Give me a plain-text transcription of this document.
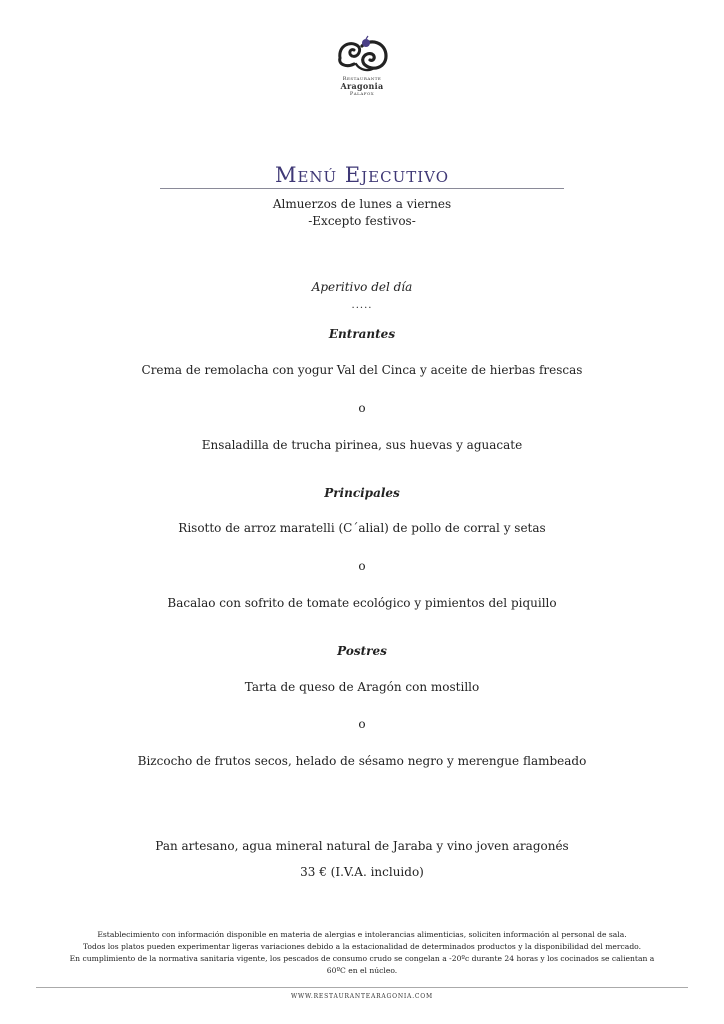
Restaurante
Aragonia
Palafox
Menú Ejecutivo
Almuerzos de lunes a viernes
-Excepto festivos-
Aperitivo del día
.....
Entrantes
Crema de remolacha con yogur Val del Cinca y aceite de hierbas frescas
o
Ensaladilla de trucha pirinea, sus huevas y aguacate
Principales
Risotto de arroz maratelli (C´alial) de pollo de corral y setas
o
Bacalao con sofrito de tomate ecológico y pimientos del piquillo
Postres
Tarta de queso de Aragón con mostillo
o
Bizcocho de frutos secos, helado de sésamo negro y merengue flambeado
Pan artesano, agua mineral natural de Jaraba y vino joven aragonés
33 € (I.V.A. incluido)
Establecimiento con información disponible en materia de alergias e intolerancias alimenticias, soliciten información al personal de sala.
Todos los platos pueden experimentar ligeras variaciones debido a la estacionalidad de determinados productos y la disponibilidad del mercado.
En cumplimiento de la normativa sanitaria vigente, los pescados de consumo crudo se congelan a -20ºc durante 24 horas y los cocinados se calientan a
60ºC en el núcleo.
WWW.RESTAURANTEARAGONIA.COM
